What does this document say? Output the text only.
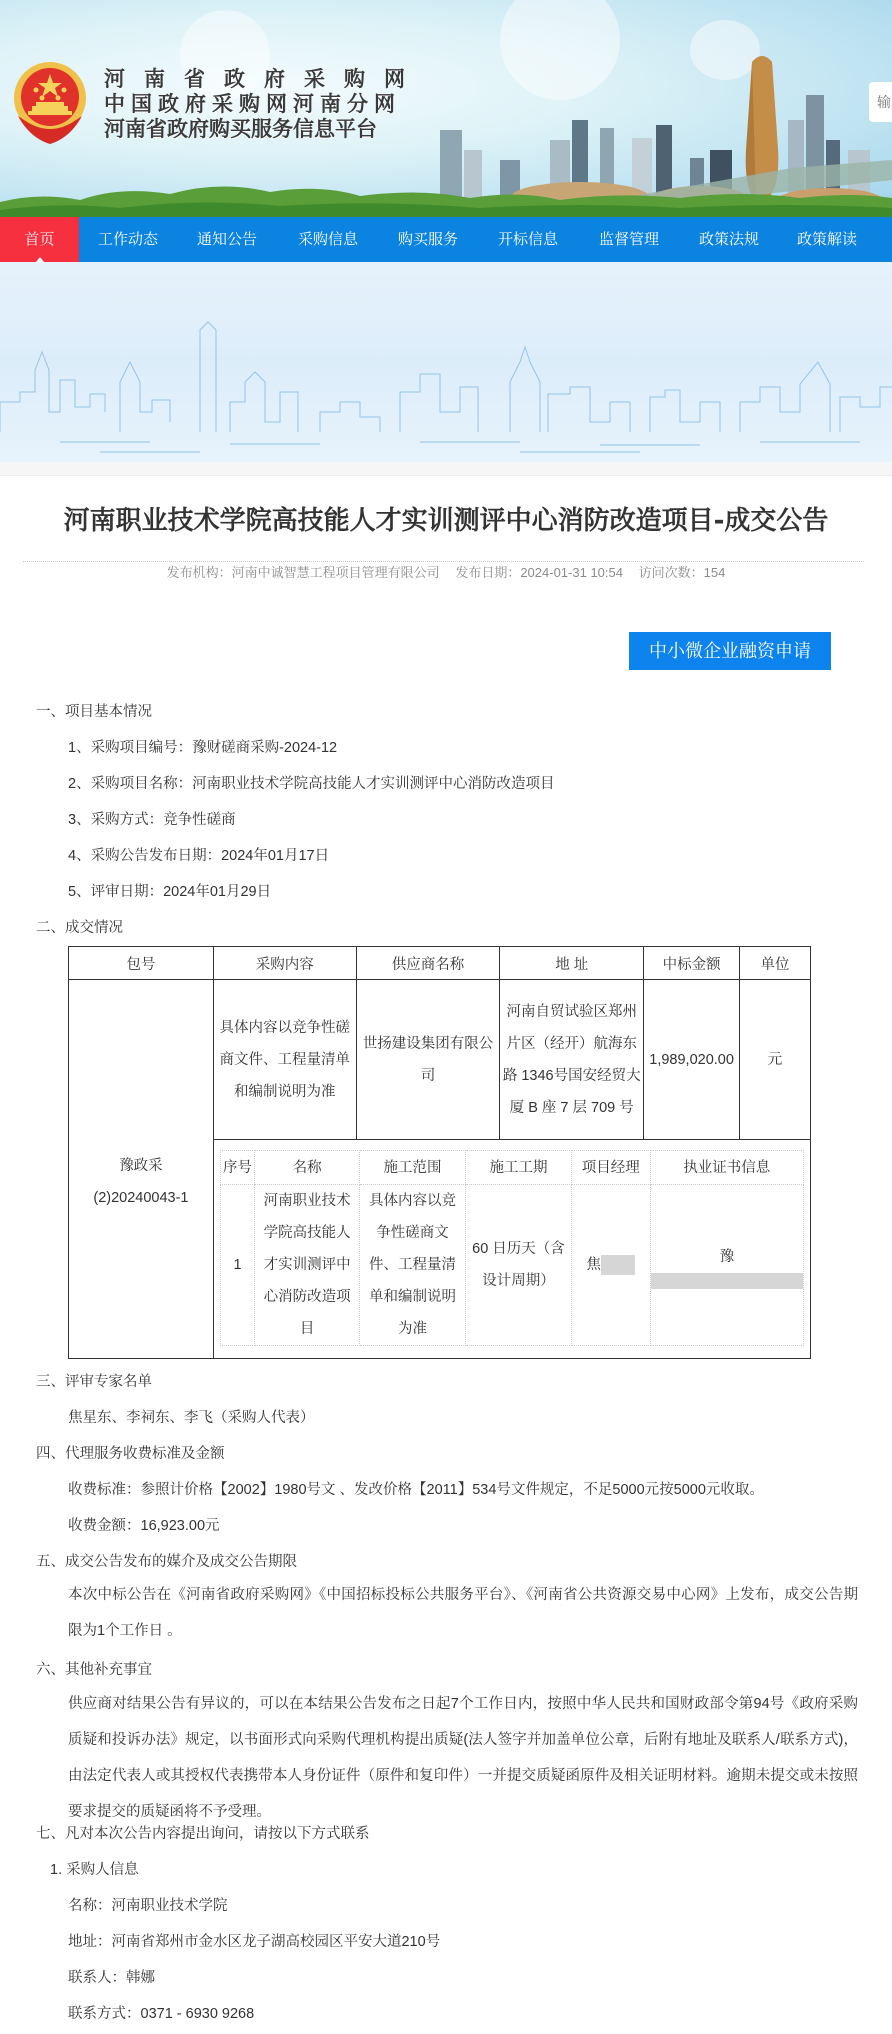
河南省政府采购网
中国政府采购网河南分网
河南省政府购买服务信息平台
输入关键字
首页	工作动态	通知公告	采购信息	购买服务	开标信息	监督管理	政策法规	政策解读
河南职业技术学院高技能人才实训测评中心消防改造项目-成交公告
发布机构：河南中诚智慧工程项目管理有限公司 发布日期：2024-01-31 10:54 访问次数：154
中小微企业融资申请
一、项目基本情况
1、采购项目编号：豫财磋商采购-2024-12
2、采购项目名称：河南职业技术学院高技能人才实训测评中心消防改造项目
3、采购方式：竞争性磋商
4、采购公告发布日期：2024年01月17日
5、评审日期：2024年01月29日
二、成交情况
包号	采购内容	供应商名称	地 址	中标金额	单位

豫政采
(2)20240043-1
	具体内容以竞争性磋商文件、工程量清单和编制说明为准	世扬建设集团有限公司	河南自贸试验区郑州片区（经开）航海东路 1346号国安经贸大厦 B 座 7 层 709 号	1,989,020.00	元

序号	名称	施工范围	施工工期	项目经理	执业证书信息
1	河南职业技术学院高技能人才实训测评中心消防改造项目	具体内容以竞争性磋商文件、工程量清单和编制说明为准	60 日历天（含设计周期）	焦	豫
三、评审专家名单
焦星东、李祠东、李飞（采购人代表）
四、代理服务收费标准及金额
收费标准：参照计价格【2002】1980号文 、发改价格【2011】534号文件规定，不足5000元按5000元收取。
收费金额：16,923.00元
五、成交公告发布的媒介及成交公告期限
本次中标公告在《河南省政府采购网》《中国招标投标公共服务平台》、《河南省公共资源交易中心网》上发布，成交公告期限为1个工作日 。
六、其他补充事宜
供应商对结果公告有异议的，可以在本结果公告发布之日起7个工作日内，按照中华人民共和国财政部令第94号《政府采购质疑和投诉办法》规定，以书面形式向采购代理机构提出质疑(法人签字并加盖单位公章，后附有地址及联系人/联系方式)，由法定代表人或其授权代表携带本人身份证件（原件和复印件）一并提交质疑函原件及相关证明材料。逾期未提交或未按照要求提交的质疑函将不予受理。
七、凡对本次公告内容提出询问，请按以下方式联系
1. 采购人信息
名称：河南职业技术学院
地址：河南省郑州市金水区龙子湖高校园区平安大道210号
联系人：韩娜
联系方式：0371 - 6930 9268
